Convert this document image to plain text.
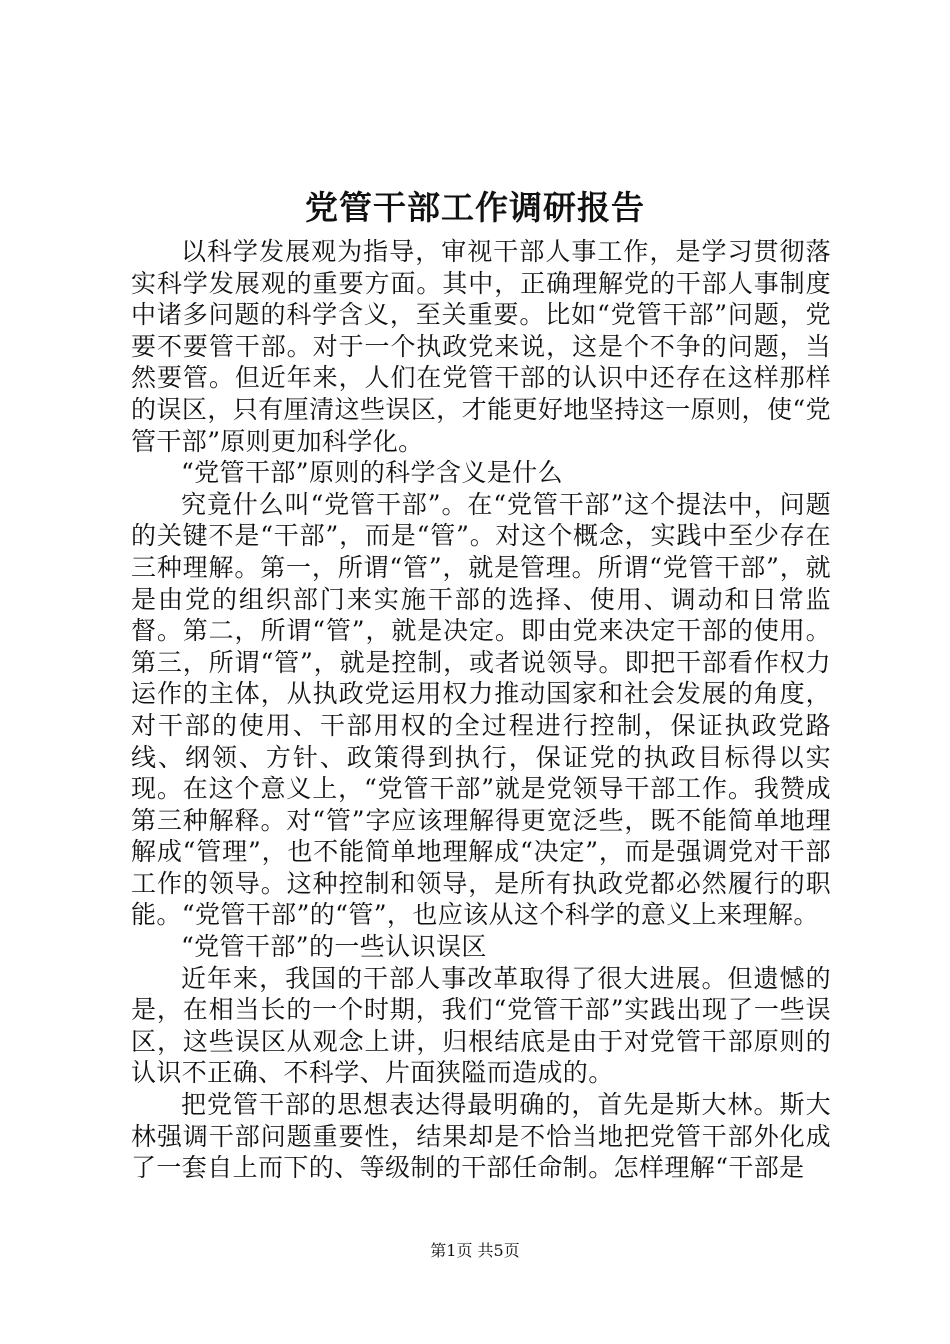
党管干部工作调研报告

以科学发展观为指导，审视干部人事工作，是学习贯彻落实科学发展观的重要方面。其中，正确理解党的干部人事制度中诸多问题的科学含义，至关重要。比如“党管干部”问题，党要不要管干部。对于一个执政党来说，这是个不争的问题，当然要管。但近年来，人们在党管干部的认识中还存在这样那样的误区，只有厘清这些误区，才能更好地坚持这一原则，使“党管干部”原则更加科学化。

“党管干部”原则的科学含义是什么

究竟什么叫“党管干部”。在“党管干部”这个提法中，问题的关键不是“干部”，而是“管”。对这个概念，实践中至少存在三种理解。第一，所谓“管”，就是管理。所谓“党管干部”，就是由党的组织部门来实施干部的选择、使用、调动和日常监督。第二，所谓“管”，就是决定。即由党来决定干部的使用。第三，所谓“管”，就是控制，或者说领导。即把干部看作权力运作的主体，从执政党运用权力推动国家和社会发展的角度，对干部的使用、干部用权的全过程进行控制，保证执政党路线、纲领、方针、政策得到执行，保证党的执政目标得以实现。在这个意义上，“党管干部”就是党领导干部工作。我赞成第三种解释。对“管”字应该理解得更宽泛些，既不能简单地理解成“管理”，也不能简单地理解成“决定”，而是强调党对干部工作的领导。这种控制和领导，是所有执政党都必然履行的职能。“党管干部”的“管”，也应该从这个科学的意义上来理解。

“党管干部”的一些认识误区

近年来，我国的干部人事改革取得了很大进展。但遗憾的是，在相当长的一个时期，我们“党管干部”实践出现了一些误区，这些误区从观念上讲，归根结底是由于对党管干部原则的认识不正确、不科学、片面狭隘而造成的。

把党管干部的思想表达得最明确的，首先是斯大林。斯大林强调干部问题重要性，结果却是不恰当地把党管干部外化成了一套自上而下的、等级制的干部任命制。怎样理解“干部是

第1页 共5页
